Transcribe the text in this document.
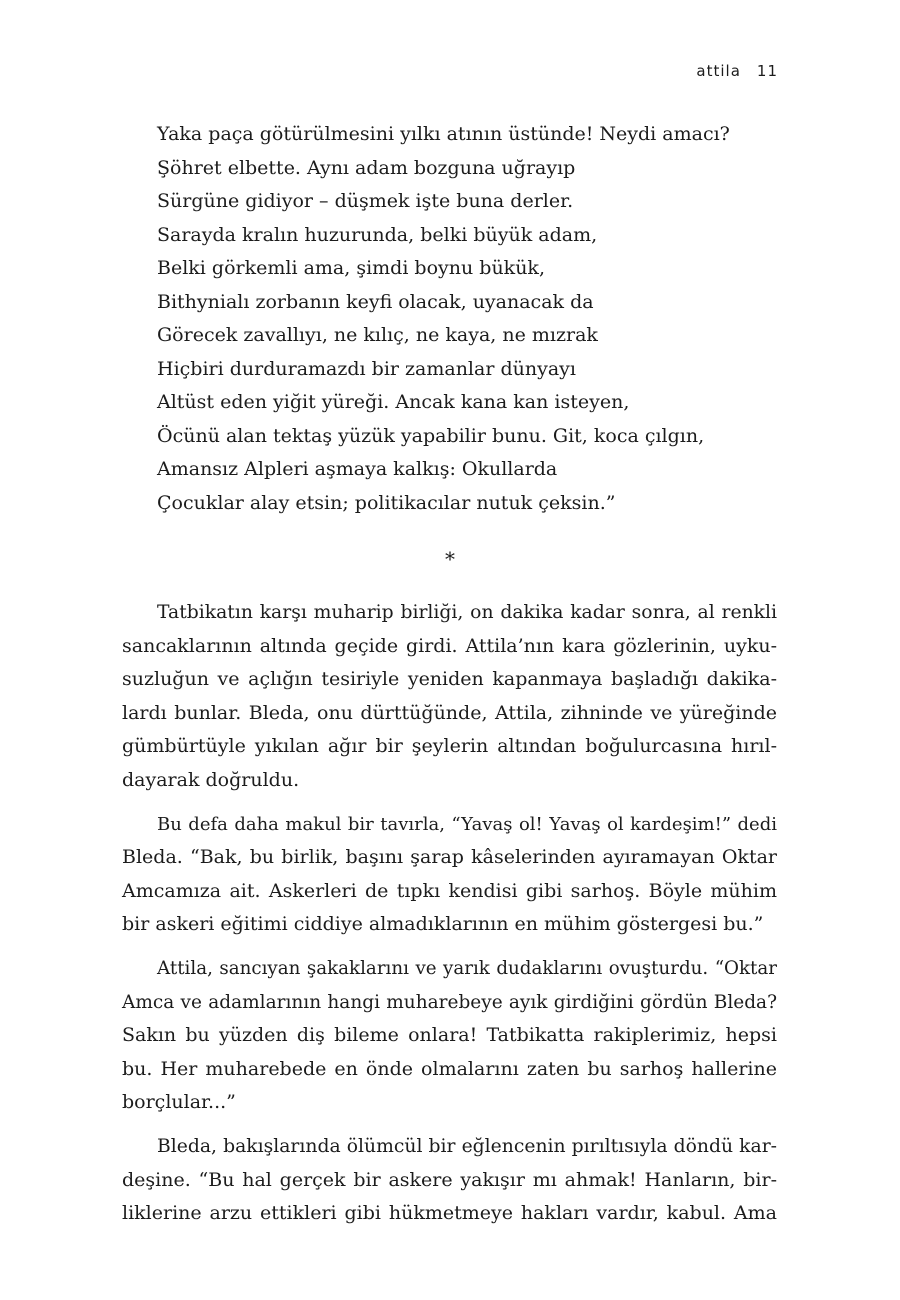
attila 11
Yaka paça götürülmesini yılkı atının üstünde! Neydi amacı?
Şöhret elbette. Aynı adam bozguna uğrayıp
Sürgüne gidiyor – düşmek işte buna derler.
Sarayda kralın huzurunda, belki büyük adam,
Belki görkemli ama, şimdi boynu bükük,
Bithynialı zorbanın keyfi olacak, uyanacak da
Görecek zavallıyı, ne kılıç, ne kaya, ne mızrak
Hiçbiri durduramazdı bir zamanlar dünyayı
Altüst eden yiğit yüreği. Ancak kana kan isteyen,
Öcünü alan tektaş yüzük yapabilir bunu. Git, koca çılgın,
Amansız Alpleri aşmaya kalkış: Okullarda
Çocuklar alay etsin; politikacılar nutuk çeksin.”
*
Tatbikatın karşı muharip birliği, on dakika kadar sonra, al renkli
sancaklarının altında geçide girdi. Attila’nın kara gözlerinin, uyku-
suzluğun ve açlığın tesiriyle yeniden kapanmaya başladığı dakika-
lardı bunlar. Bleda, onu dürttüğünde, Attila, zihninde ve yüreğinde
gümbürtüyle yıkılan ağır bir şeylerin altından boğulurcasına hırıl-
dayarak doğruldu.
Bu defa daha makul bir tavırla, “Yavaş ol! Yavaş ol kardeşim!” dedi
Bleda. “Bak, bu birlik, başını şarap kâselerinden ayıramayan Oktar
Amcamıza ait. Askerleri de tıpkı kendisi gibi sarhoş. Böyle mühim
bir askeri eğitimi ciddiye almadıklarının en mühim göstergesi bu.”
Attila, sancıyan şakaklarını ve yarık dudaklarını ovuşturdu. “Oktar
Amca ve adamlarının hangi muharebeye ayık girdiğini gördün Bleda?
Sakın bu yüzden diş bileme onlara! Tatbikatta rakiplerimiz, hepsi
bu. Her muharebede en önde olmalarını zaten bu sarhoş hallerine
borçlular...”
Bleda, bakışlarında ölümcül bir eğlencenin pırıltısıyla döndü kar-
deşine. “Bu hal gerçek bir askere yakışır mı ahmak! Hanların, bir-
liklerine arzu ettikleri gibi hükmetmeye hakları vardır, kabul. Ama
